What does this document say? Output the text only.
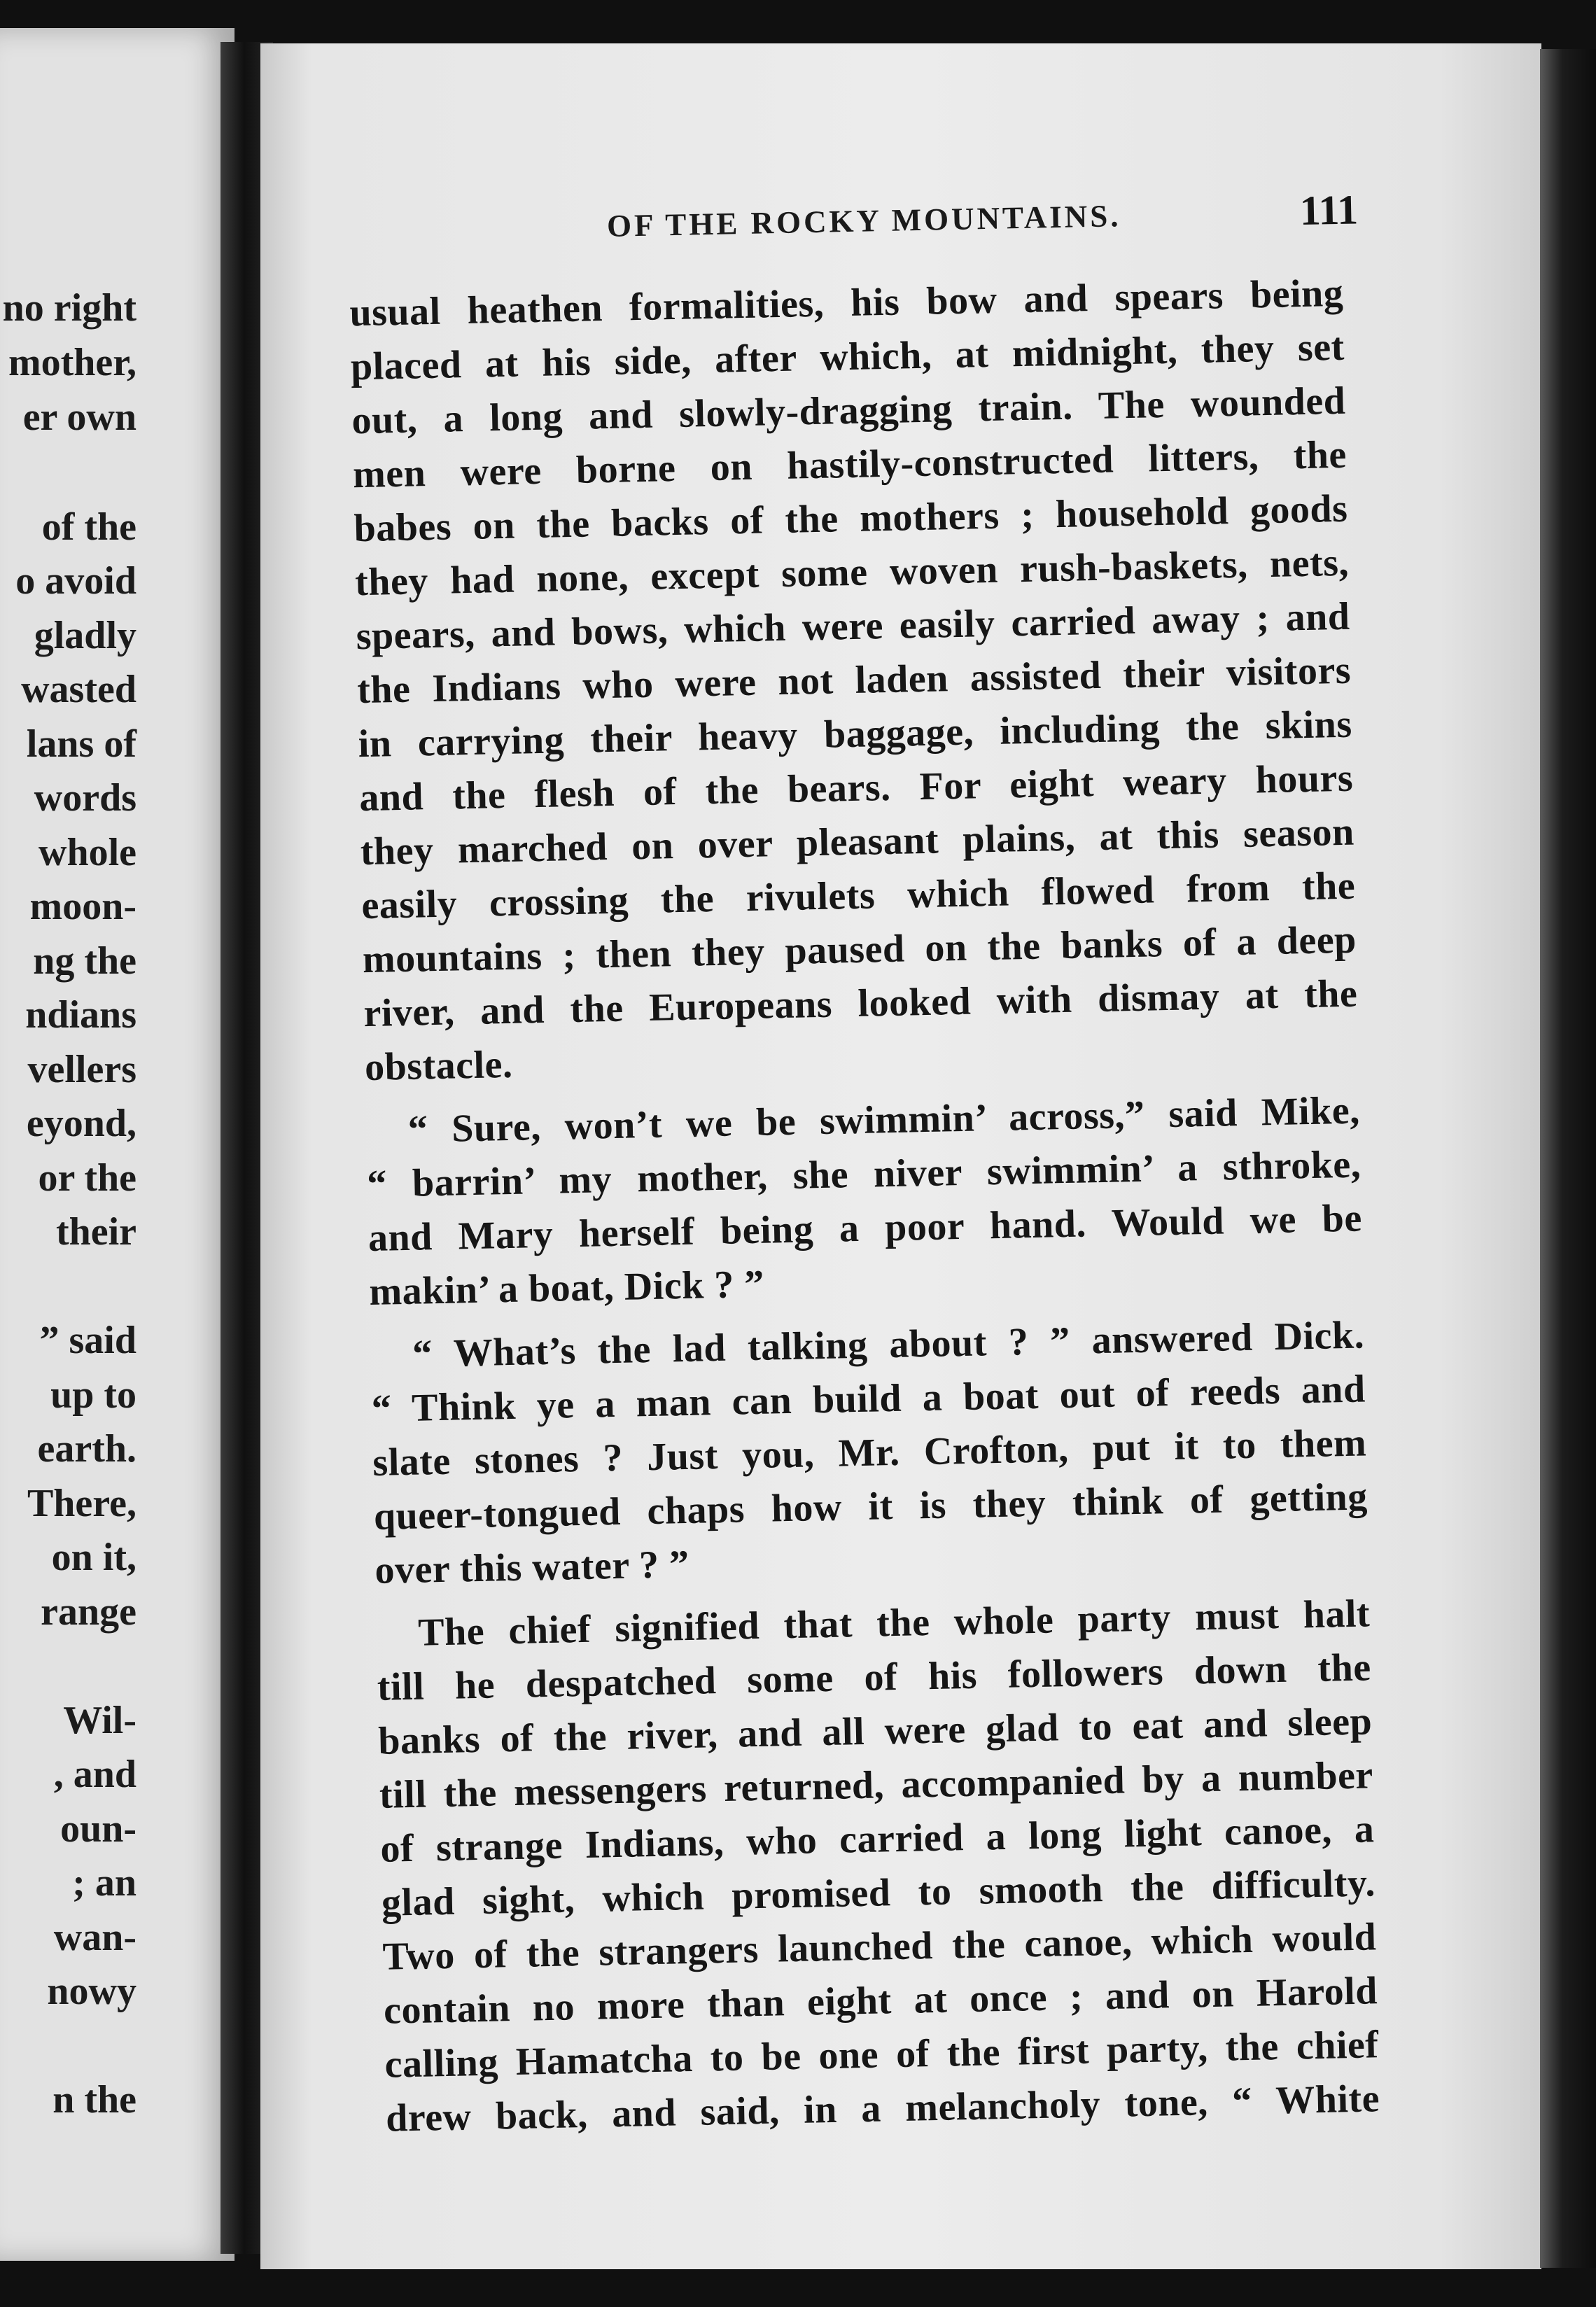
no right
mother,
er own
of the
o avoid
gladly
wasted
lans of
words
whole
moon-
ng the
ndians
vellers
eyond,
or the
their
” said
up to
earth.
There,
on it,
range
Wil-
, and
oun-
; an
wan-
nowy
n the
OF THE ROCKY MOUNTAINS.	111
usual heathen formalities, his bow and spears being
placed at his side, after which, at midnight, they set
out, a long and slowly-dragging train. The wounded
men were borne on hastily-constructed litters, the
babes on the backs of the mothers ; household goods
they had none, except some woven rush-baskets, nets,
spears, and bows, which were easily carried away ; and
the Indians who were not laden assisted their visitors
in carrying their heavy baggage, including the skins
and the flesh of the bears. For eight weary hours
they marched on over pleasant plains, at this season
easily crossing the rivulets which flowed from the
mountains ; then they paused on the banks of a deep
river, and the Europeans looked with dismay at the
obstacle.
“ Sure, won’t we be swimmin’ across,” said Mike,
“ barrin’ my mother, she niver swimmin’ a sthroke,
and Mary herself being a poor hand. Would we be
makin’ a boat, Dick ? ”
“ What’s the lad talking about ? ” answered Dick.
“ Think ye a man can build a boat out of reeds and
slate stones ? Just you, Mr. Crofton, put it to them
queer-tongued chaps how it is they think of getting
over this water ? ”
The chief signified that the whole party must halt
till he despatched some of his followers down the
banks of the river, and all were glad to eat and sleep
till the messengers returned, accompanied by a number
of strange Indians, who carried a long light canoe, a
glad sight, which promised to smooth the difficulty.
Two of the strangers launched the canoe, which would
contain no more than eight at once ; and on Harold
calling Hamatcha to be one of the first party, the chief
drew back, and said, in a melancholy tone, “ White
